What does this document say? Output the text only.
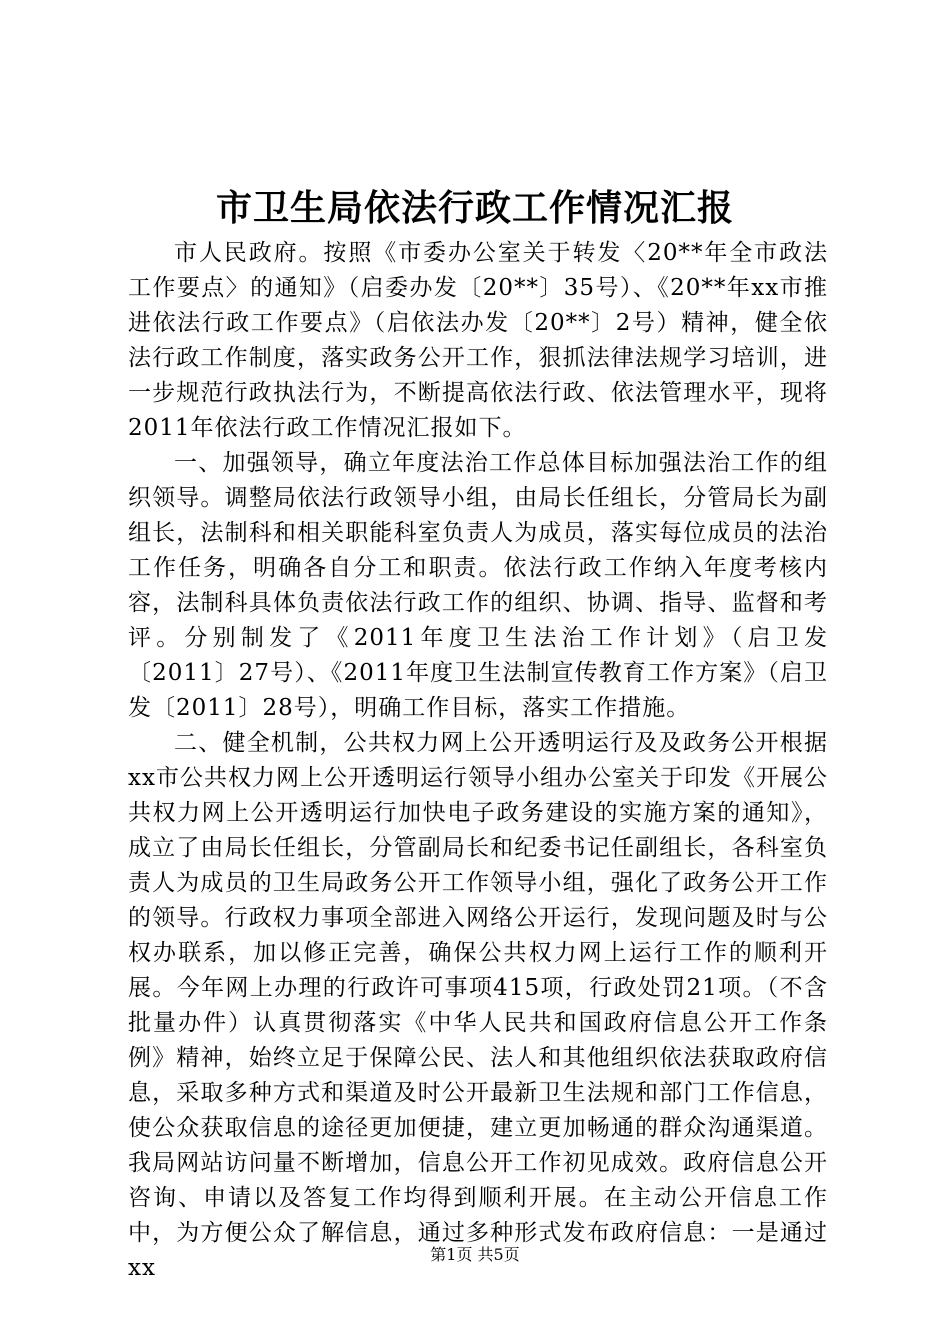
市卫生局依法行政工作情况汇报

市人民政府。按照《市委办公室关于转发〈20**年全市政法工作要点〉的通知》（启委办发〔20**〕35号）、《20**年xx市推进依法行政工作要点》（启依法办发〔20**〕2号）精神，健全依法行政工作制度，落实政务公开工作，狠抓法律法规学习培训，进一步规范行政执法行为，不断提高依法行政、依法管理水平，现将2011年依法行政工作情况汇报如下。

一、加强领导，确立年度法治工作总体目标加强法治工作的组织领导。调整局依法行政领导小组，由局长任组长，分管局长为副组长，法制科和相关职能科室负责人为成员，落实每位成员的法治工作任务，明确各自分工和职责。依法行政工作纳入年度考核内容，法制科具体负责依法行政工作的组织、协调、指导、监督和考评。分别制发了《2011年度卫生法治工作计划》（启卫发〔2011〕27号）、《2011年度卫生法制宣传教育工作方案》（启卫发〔2011〕28号），明确工作目标，落实工作措施。

二、健全机制，公共权力网上公开透明运行及及政务公开根据xx市公共权力网上公开透明运行领导小组办公室关于印发《开展公共权力网上公开透明运行加快电子政务建设的实施方案的通知》，成立了由局长任组长，分管副局长和纪委书记任副组长，各科室负责人为成员的卫生局政务公开工作领导小组，强化了政务公开工作的领导。行政权力事项全部进入网络公开运行，发现问题及时与公权办联系，加以修正完善，确保公共权力网上运行工作的顺利开展。今年网上办理的行政许可事项415项，行政处罚21项。（不含批量办件）认真贯彻落实《中华人民共和国政府信息公开工作条例》精神，始终立足于保障公民、法人和其他组织依法获取政府信息，采取多种方式和渠道及时公开最新卫生法规和部门工作信息，使公众获取信息的途径更加便捷，建立更加畅通的群众沟通渠道。我局网站访问量不断增加，信息公开工作初见成效。政府信息公开咨询、申请以及答复工作均得到顺利开展。在主动公开信息工作中，为方便公众了解信息，通过多种形式发布政府信息：一是通过xx

第1页 共5页
